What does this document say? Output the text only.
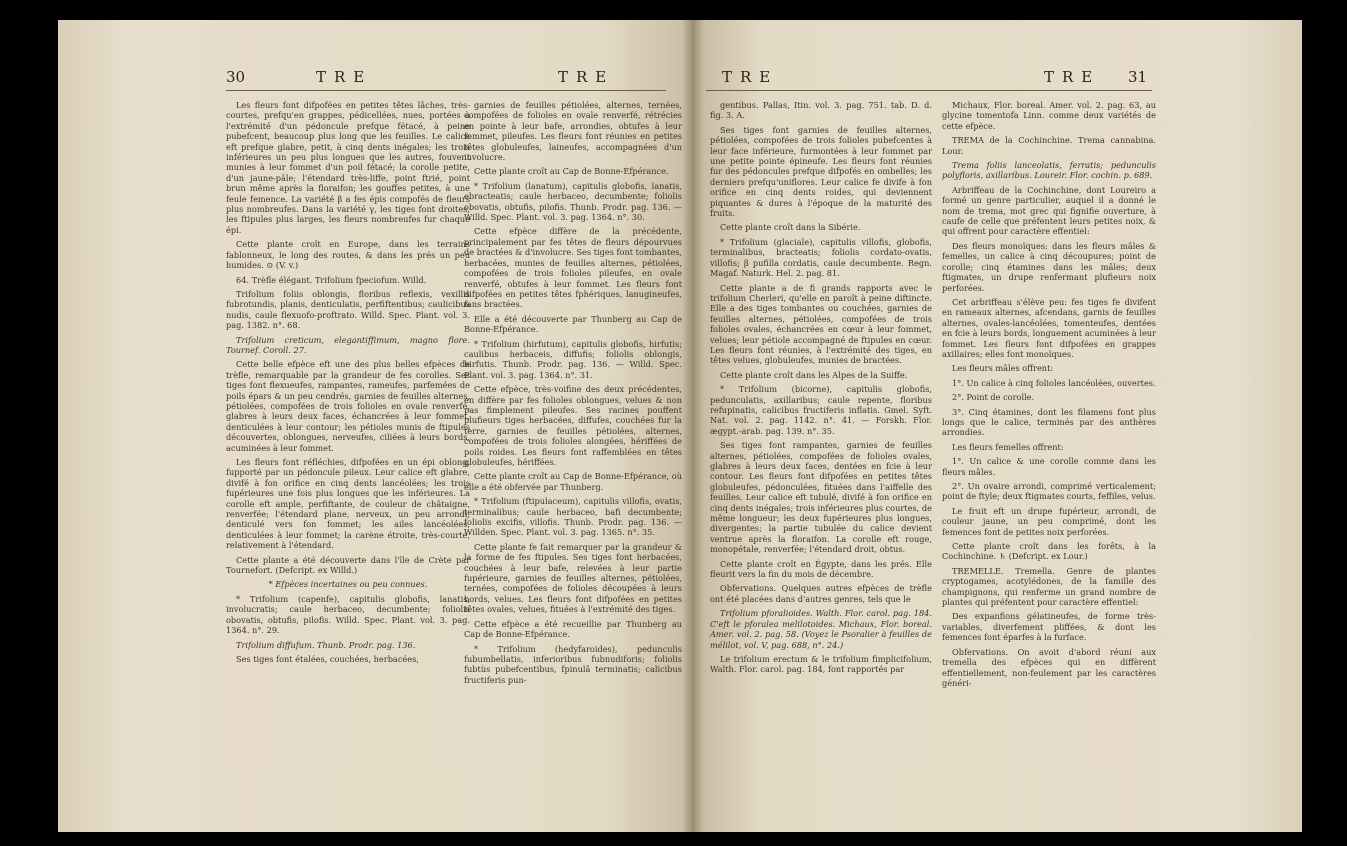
30	TRE	TRE

Les fleurs font difpofées en petites têtes lâches, très-courtes, prefqu'en grappes, pédicellées, nues, portées à l'extrémité d'un pédoncule prefque fétacé, à peine pubefcent, beaucoup plus long que les feuilles. Le calice eft prefque glabre, petit, à cinq dents inégales; les trois inférieures un peu plus longues que les autres, fouvent munies à leur fommet d'un poil fétacé; la corolle petite, d'un jaune-pâle; l'étendard très-liffe, point ftrié, point brun même après la floraifon; les gouffes petites, à une feule femence. La variété β a fes épis compofés de fleurs plus nombreufes. Dans la variété γ, les tiges font droites, les ftipules plus larges, les fleurs nombreufes fur chaque épi.

Cette plante croît en Europe, dans les terrains fablonneux, le long des routes, & dans les prés un peu humides. ⊙ (V. v.)

64. Trèfle élégant. Trifolium fpeciofum. Willd.

Trifolium foliis oblongis, floribus reflexis, vexillis fubrotundis, planis, denticulatis, perfiftentibus; caulicibus nudis, caule flexuofo-proftrato. Willd. Spec. Plant. vol. 3. pag. 1382. n°. 68.

Trifolium creticum, elegantiffimum, magno flore. Tournef. Coroll. 27.

Cette belle efpèce eft une des plus belles efpèces de trèfle, remarquable par la grandeur de fes corolles. Ses tiges font flexueufes, rampantes, rameufes, parfemées de poils épars & un peu cendrés, garnies de feuilles alternes, pétiolées, compofées de trois folioles en ovale renverfé, glabres à leurs deux faces, échancrées à leur fommet, denticulées à leur contour; les pétioles munis de ftipules découvertes, oblongues, nerveufes, ciliées à leurs bords, acuminées à leur fommet.

Les fleurs font réfléchies, difpofées en un épi oblong, fupporté par un pédoncule pileux. Leur calice eft glabre, divifé à fon orifice en cinq dents lancéolées; les trois fupérieures une fois plus longues que les inférieures. La corolle eft ample, perfiftante, de couleur de châtaigne, renverfée; l'étendard plane, nerveux, un peu arrondi, denticulé vers fon fommet; les ailes lancéolées, denticulées à leur fommet; la carène étroite, très-courte, relativement à l'étendard.

Cette plante a été découverte dans l'île de Crète par Tournefort. (Defcript. ex Willd.)

* Efpèces incertaines ou peu connues.

* Trifolium (capenfe), capitulis globofis, lanatis, involucratis; caule herbaceo, decumbente; foliolis obovatis, obtufis, pilofis. Willd. Spec. Plant. vol. 3. pag. 1364. n°. 29.

Trifolium diffufum. Thunb. Prodr. pag. 136.

Ses tiges font étalées, couchées, herbacées,

garnies de feuilles pétiolées, alternes, ternées, compofées de folioles en ovale renverfé, rétrécies en pointe à leur bafe, arrondies, obtufes à leur fommet, pileufes. Les fleurs font réunies en petites têtes globuleufes, laineufes, accompagnées d'un involucre.

Cette plante croît au Cap de Bonne-Efpérance.

* Trifolium (lanatum), capitulis globofis, lanatis, ebracteatis; caule herbaceo, decumbente; foliolis obovatis, obtufis, pilofis. Thunb. Prodr. pag. 136. — Willd. Spec. Plant. vol. 3. pag. 1364. n°. 30.

Cette efpèce diffère de la précédente, principalement par fes têtes de fleurs dépourvues de bractées & d'involucre. Ses tiges font tombantes, herbacées, munies de feuilles alternes, pétiolées, compofées de trois folioles pileufes, en ovale renverfé, obtufes à leur fommet. Les fleurs font difpofées en petites têtes fphériques, lanugineufes, fans bractées.

Elle a été découverte par Thunberg au Cap de Bonne-Efpérance.

* Trifolium (hirfutum), capitulis globofis, hirfutis; caulibus herbaceis, diffufis; foliolis oblongis, hirfutis. Thunb. Prodr. pag. 136. — Willd. Spec. Plant. vol. 3. pag. 1364. n°. 31.

Cette efpèce, très-voifine des deux précédentes, en diffère par fes folioles oblongues, velues & non pas fimplement pileufes. Ses racines pouffent plufieurs tiges herbacées, diffufes, couchées fur la terre, garnies de feuilles pétiolées, alternes, compofées de trois folioles alongées, hériffées de poils roides. Les fleurs font raffemblées en têtes globuleufes, hériffées.

Cette plante croît au Cap de Bonne-Efpérance, où elle a été obfervée par Thunberg.

* Trifolium (ftipulaceum), capitulis villofis, ovatis, terminalibus; caule herbaceo, bafi decumbente; foliolis excifis, villofis. Thunb. Prodr. pag. 136. — Willden. Spec. Plant. vol. 3. pag. 1365. n°. 35.

Cette plante fe fait remarquer par la grandeur & la forme de fes ftipules. Ses tiges font herbacées, couchées à leur bafe, relevées à leur partie fupérieure, garnies de feuilles alternes, pétiolées, ternées, compofées de folioles découpées à leurs bords, velues. Les fleurs font difpofées en petites têtes ovales, velues, fituées à l'extrémité des tiges.

Cette efpèce a été recueillie par Thunberg au Cap de Bonne-Efpérance.

* Trifolium (hedyfaroides), pedunculis fubumbellatis, inferioribus fubnudiforis; foliolis fubtùs pubefcentibus, fpinulâ terminatis; calicibus fructiferis pun-

TRE	TRE 31

gentibus. Pallas, Itin. vol. 3. pag. 751. tab. D. d. fig. 3. A.

Ses tiges font garnies de feuilles alternes, pétiolées, compofées de trois folioles pubefcentes à leur face inférieure, furmontées à leur fommet par une petite pointe épineufe. Les fleurs font réunies fur des pédoncules prefque difpofés en ombelles; les derniers prefqu'uniflores. Leur calice fe divife à fon orifice en cinq dents roides, qui deviennent piquantes & dures à l'époque de la maturité des fruits.

Cette plante croît dans la Sibérie.

* Trifolium (glaciale), capitulis villofis, globofis, terminalibus, bracteatis; foliolis cordato-ovatis, villofis; β pufilla cordatis, caule decumbente. Regn. Magaf. Naturk. Hel. 2. pag. 81.

Cette plante a de fi grands rapports avec le trifolium Cherleri, qu'elle en paroît à peine diftincte. Elle a des tiges tombantes ou couchées, garnies de feuilles alternes, pétiolées, compofées de trois folioles ovales, échancrées en cœur à leur fommet, velues; leur pétiole accompagné de ftipules en cœur. Les fleurs font réunies, à l'extrémité des tiges, en têtes velues, globuleufes, munies de bractées.

Cette plante croît dans les Alpes de la Suiffe.

* Trifolium (bicorne), capitulis globofis, pedunculatis, axillaribus; caule repente, floribus refupinatis, calicibus fructiferis inflatis. Gmel. Syft. Nat. vol. 2. pag. 1142. n°. 41. — Forskh. Flor. ægypt.-arab. pag. 139. n°. 35.

Ses tiges font rampantes, garnies de feuilles alternes, pétiolées, compofées de folioles ovales, glabres à leurs deux faces, dentées en fcie à leur contour. Les fleurs font difpofées en petites têtes globuleufes, pédonculées, fituées dans l'aiffelle des feuilles. Leur calice eft tubulé, divifé à fon orifice en cinq dents inégales; trois inférieures plus courtes, de même longueur; les deux fupérieures plus longues, divergentes; la partie tubulée du calice devient ventrue après la floraifon. La corolle eft rouge, monopétale, renverfée; l'étendard droit, obtus.

Cette plante croît en Égypte, dans les prés. Elle fleurit vers la fin du mois de décembre.

Obfervations. Quelques autres efpèces de trèfle ont été placées dans d'autres genres, tels que le

Trifolium pforalioides. Walth. Flor. carol. pag. 184. C'eft le pforalea melilotoides. Michaux, Flor. boreal. Amer. vol. 2. pag. 58. (Voyez le Psoralier à feuilles de mélilot, vol. V, pag. 688, n°. 24.)

Le trifolium erectum & le trifolium fimplicifolium, Walth. Flor. carol. pag. 184, font rapportés par

Michaux, Flor. boreal. Amer. vol. 2. pag. 63, au glycine tomentofa Linn. comme deux variétés de cette efpèce.

TREMA de la Cochinchine. Trema cannabina. Lour.

Trema foliis lanceolatis, ferratis; pedunculis polyfloris, axillaribus. Loureir. Flor. cochin. p. 689.

Arbriffeau de la Cochinchine, dont Loureiro a formé un genre particulier, auquel il a donné le nom de trema, mot grec qui fignifie ouverture, à caufe de celle que préfentent leurs petites noix, & qui offrent pour caractère effentiel:

Des fleurs monoïques: dans les fleurs mâles & femelles, un calice à cinq découpures; point de corolle; cinq étamines dans les mâles; deux ftigmates, un drupe renfermant plufieurs noix perforées.

Cet arbriffeau s'élève peu: fes tiges fe divifent en rameaux alternes, afcendans, garnis de feuilles alternes, ovales-lancéolées, tomenteufes, dentées en fcie à leurs bords, longuement acuminées à leur fommet. Les fleurs font difpofées en grappes axillaires; elles font monoïques.

Les fleurs mâles offrent:

1°. Un calice à cinq folioles lancéolées, ouvertes.

2°. Point de corolle.

3°. Cinq étamines, dont les filamens font plus longs que le calice, terminés par des anthères arrondies.

Les fleurs femelles offrent:

1°. Un calice & une corolle comme dans les fleurs mâles.

2°. Un ovaire arrondi, comprimé verticalement; point de ftyle; deux ftigmates courts, feffiles, velus.

Le fruit eft un drupe fupérieur, arrondi, de couleur jaune, un peu comprimé, dont les femences font de petites noix perforées.

Cette plante croît dans les forêts, à la Cochinchine. ♄ (Defcript. ex Lour.)

TREMELLE. Tremella. Genre de plantes cryptogames, acotylédones, de la famille des champignons, qui renferme un grand nombre de plantes qui préfentent pour caractère effentiel:

Des expanfions gélatineufes, de forme très-variables, diverfement pliffées, & dont les femences font éparfes à la furface.

Obfervations. On avoit d'abord réuni aux tremella des efpèces qui en diffèrent effentiellement, non-feulement par les caractères généri-
